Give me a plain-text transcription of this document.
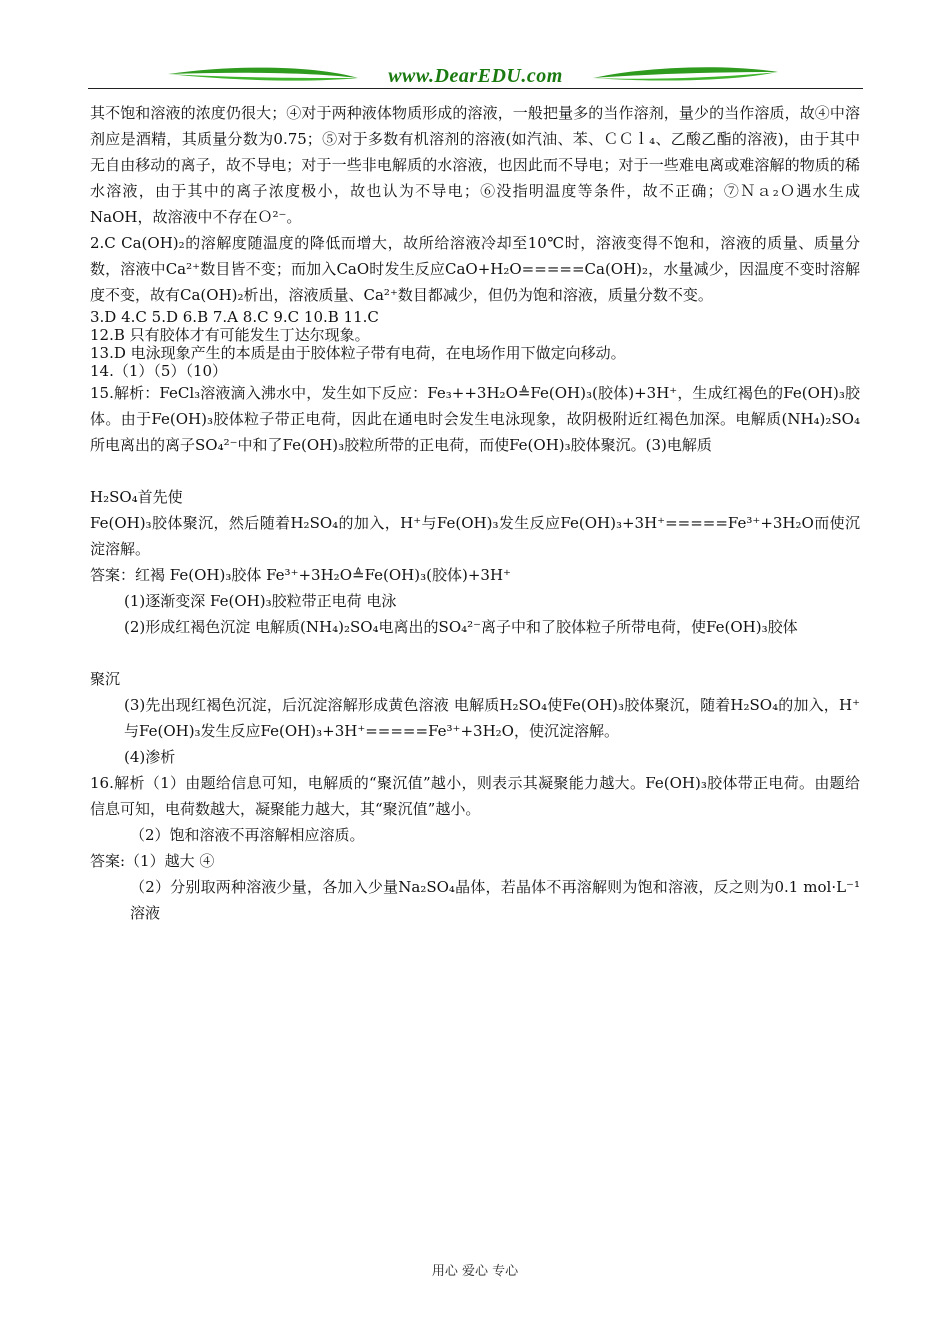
www.DearEDU.com

其不饱和溶液的浓度仍很大；④对于两种液体物质形成的溶液，一般把量多的当作溶剂，量少的当作溶质，故④中溶剂应是酒精，其质量分数为0.75；⑤对于多数有机溶剂的溶液(如汽油、苯、ＣＣｌ₄、乙酸乙酯的溶液)，由于其中无自由移动的离子，故不导电；对于一些非电解质的水溶液，也因此而不导电；对于一些难电离或难溶解的物质的稀水溶液，由于其中的离子浓度极小，故也认为不导电；⑥没指明温度等条件，故不正确；⑦Ｎａ₂Ｏ遇水生成NaOH，故溶液中不存在Ｏ²⁻。

2.C Ca(OH)₂的溶解度随温度的降低而增大，故所给溶液冷却至10℃时，溶液变得不饱和，溶液的质量、质量分数，溶液中Ca²⁺数目皆不变；而加入CaO时发生反应CaO+H₂O=====Ca(OH)₂，水量减少，因温度不变时溶解度不变，故有Ca(OH)₂析出，溶液质量、Ca²⁺数目都减少，但仍为饱和溶液，质量分数不变。

3.D 4.C 5.D 6.B 7.A 8.C 9.C 10.B 11.C

12.B 只有胶体才有可能发生丁达尔现象。

13.D 电泳现象产生的本质是由于胶体粒子带有电荷，在电场作用下做定向移动。

14.（1）（5）（10）

15.解析：FeCl₃溶液滴入沸水中，发生如下反应：Fe₃++3H₂O≜Fe(OH)₃(胶体)+3H⁺，生成红褐色的Fe(OH)₃胶体。由于Fe(OH)₃胶体粒子带正电荷，因此在通电时会发生电泳现象，故阴极附近红褐色加深。电解质(NH₄)₂SO₄所电离出的离子SO₄²⁻中和了Fe(OH)₃胶粒所带的正电荷，而使Fe(OH)₃胶体聚沉。(3)电解质

H₂SO₄首先使

Fe(OH)₃胶体聚沉，然后随着H₂SO₄的加入，H⁺与Fe(OH)₃发生反应Fe(OH)₃+3H⁺=====Fe³⁺+3H₂O而使沉淀溶解。

答案：红褐 Fe(OH)₃胶体 Fe³⁺+3H₂O≜Fe(OH)₃(胶体)+3H⁺

(1)逐渐变深 Fe(OH)₃胶粒带正电荷 电泳

(2)形成红褐色沉淀 电解质(NH₄)₂SO₄电离出的SO₄²⁻离子中和了胶体粒子所带电荷，使Fe(OH)₃胶体

聚沉

(3)先出现红褐色沉淀，后沉淀溶解形成黄色溶液 电解质H₂SO₄使Fe(OH)₃胶体聚沉，随着H₂SO₄的加入，H⁺与Fe(OH)₃发生反应Fe(OH)₃+3H⁺=====Fe³⁺+3H₂O，使沉淀溶解。

(4)渗析

16.解析（1）由题给信息可知，电解质的“聚沉值”越小，则表示其凝聚能力越大。Fe(OH)₃胶体带正电荷。由题给信息可知，电荷数越大，凝聚能力越大，其“聚沉值”越小。

（2）饱和溶液不再溶解相应溶质。

答案:（1）越大 ④

（2）分别取两种溶液少量，各加入少量Na₂SO₄晶体，若晶体不再溶解则为饱和溶液，反之则为0.1 mol·L⁻¹溶液

用心 爱心 专心
